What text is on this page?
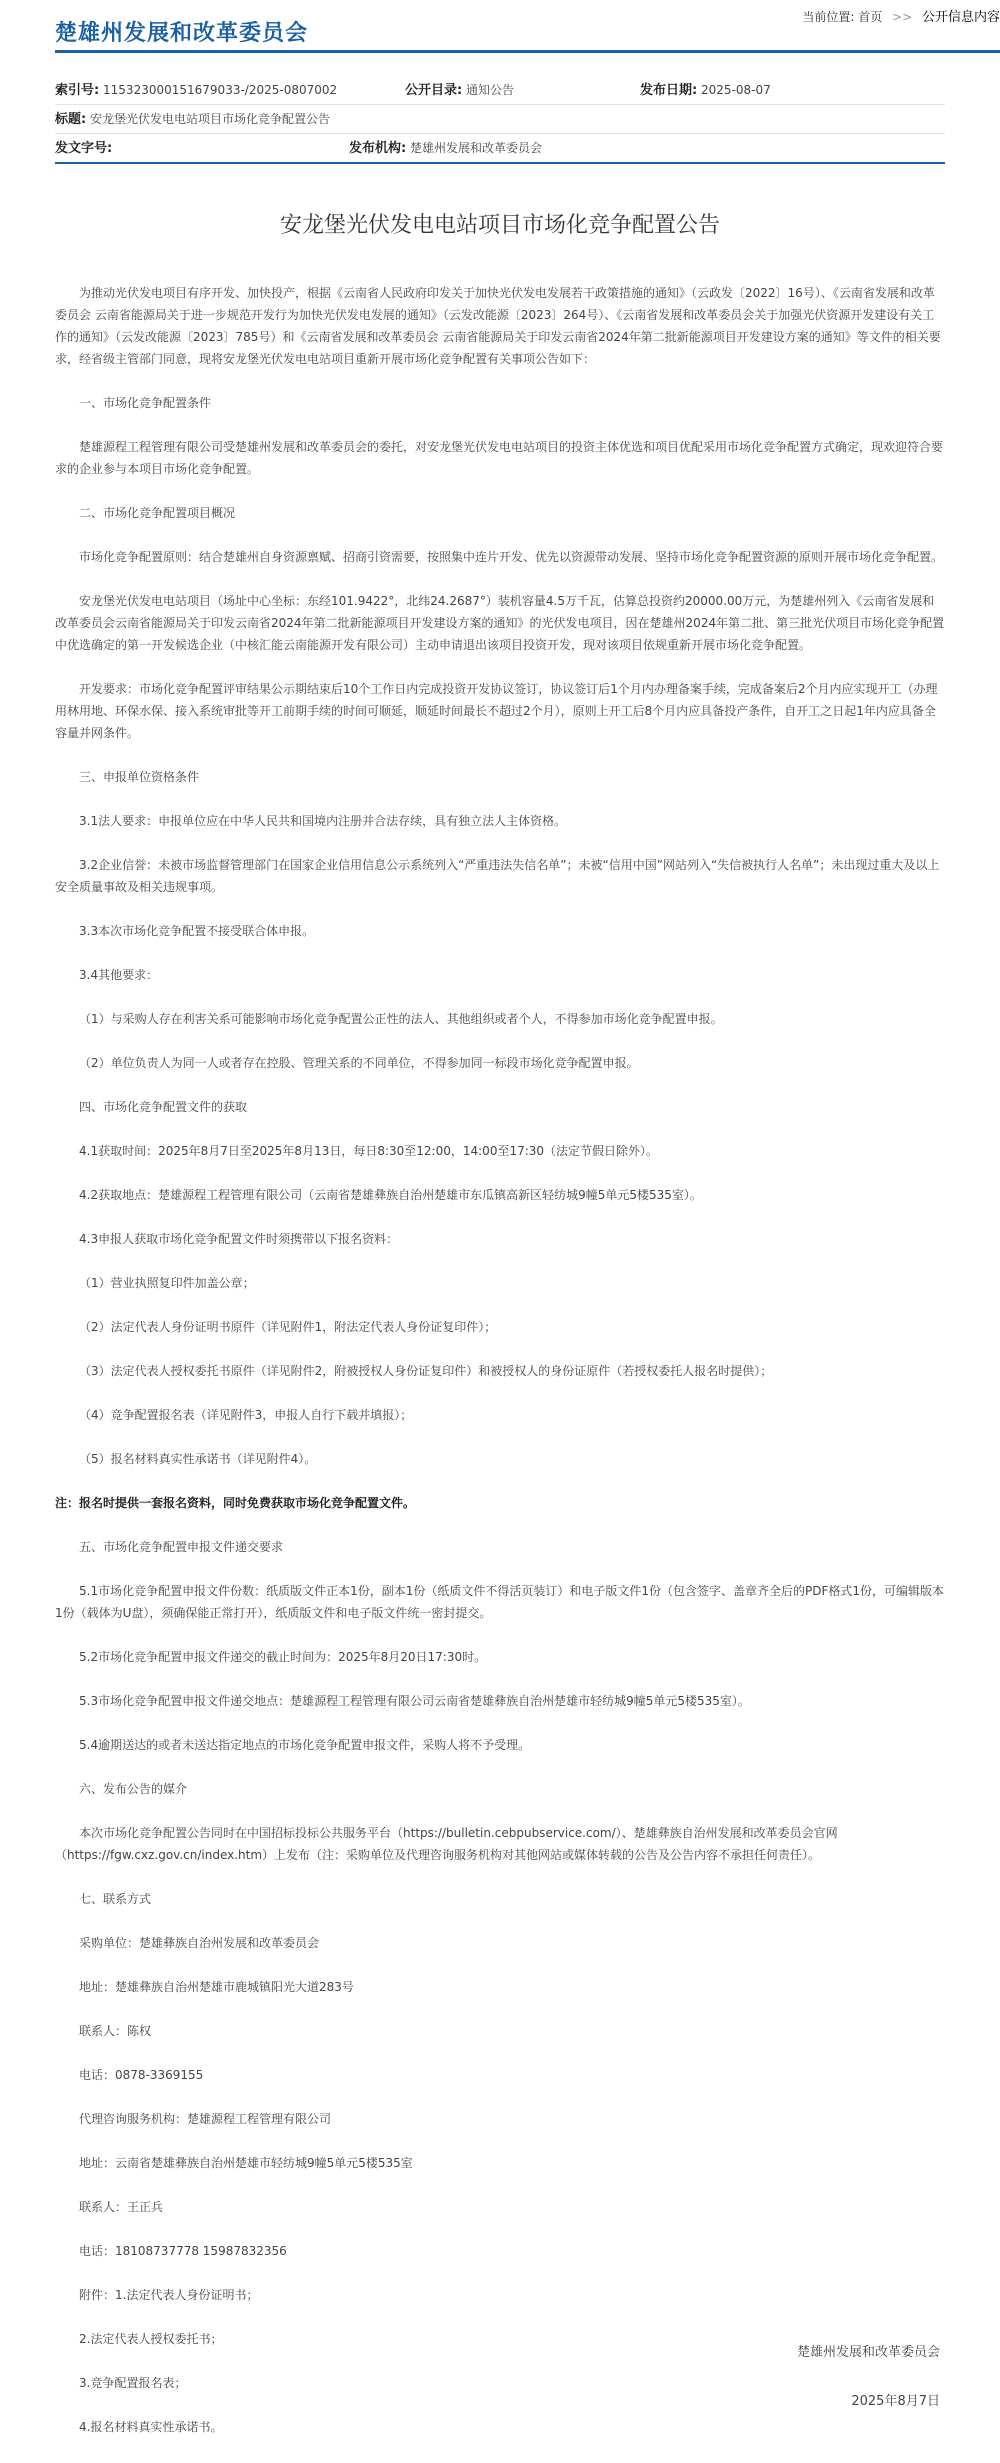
楚雄州发展和改革委员会
当前位置: 首页 >> 公开信息内容
索引号: 115323000151679033-/2025-0807002	公开目录: 通知公告	发布日期: 2025-08-07
标题: 安龙堡光伏发电电站项目市场化竞争配置公告
发文字号:	发布机构: 楚雄州发展和改革委员会
安龙堡光伏发电电站项目市场化竞争配置公告

为推动光伏发电项目有序开发、加快投产，根据《云南省人民政府印发关于加快光伏发电发展若干政策措施的通知》（云政发〔2022〕16号）、《云南省发展和改革委员会 云南省能源局关于进一步规范开发行为加快光伏发电发展的通知》（云发改能源〔2023〕264号）、《云南省发展和改革委员会关于加强光伏资源开发建设有关工作的通知》（云发改能源〔2023〕785号）和《云南省发展和改革委员会 云南省能源局关于印发云南省2024年第二批新能源项目开发建设方案的通知》等文件的相关要求，经省级主管部门同意，现将安龙堡光伏发电电站项目重新开展市场化竞争配置有关事项公告如下：

一、市场化竞争配置条件

楚雄源程工程管理有限公司受楚雄州发展和改革委员会的委托，对安龙堡光伏发电电站项目的投资主体优选和项目优配采用市场化竞争配置方式确定，现欢迎符合要求的企业参与本项目市场化竞争配置。

二、市场化竞争配置项目概况

市场化竞争配置原则：结合楚雄州自身资源禀赋、招商引资需要，按照集中连片开发、优先以资源带动发展、坚持市场化竞争配置资源的原则开展市场化竞争配置。

安龙堡光伏发电电站项目（场址中心坐标：东经101.9422°，北纬24.2687°）装机容量4.5万千瓦，估算总投资约20000.00万元，为楚雄州列入《云南省发展和改革委员会云南省能源局关于印发云南省2024年第二批新能源项目开发建设方案的通知》的光伏发电项目，因在楚雄州2024年第二批、第三批光伏项目市场化竞争配置中优选确定的第一开发候选企业（中核汇能云南能源开发有限公司）主动申请退出该项目投资开发，现对该项目依规重新开展市场化竞争配置。

开发要求：市场化竞争配置评审结果公示期结束后10个工作日内完成投资开发协议签订，协议签订后1个月内办理备案手续，完成备案后2个月内应实现开工（办理用林用地、环保水保、接入系统审批等开工前期手续的时间可顺延，顺延时间最长不超过2个月），原则上开工后8个月内应具备投产条件，自开工之日起1年内应具备全容量并网条件。

三、申报单位资格条件

3.1法人要求：申报单位应在中华人民共和国境内注册并合法存续，具有独立法人主体资格。

3.2企业信誉：未被市场监督管理部门在国家企业信用信息公示系统列入“严重违法失信名单”；未被“信用中国”网站列入“失信被执行人名单”；未出现过重大及以上安全质量事故及相关违规事项。

3.3本次市场化竞争配置不接受联合体申报。

3.4其他要求：

（1）与采购人存在利害关系可能影响市场化竞争配置公正性的法人、其他组织或者个人，不得参加市场化竞争配置申报。

（2）单位负责人为同一人或者存在控股、管理关系的不同单位，不得参加同一标段市场化竞争配置申报。

四、市场化竞争配置文件的获取

4.1获取时间：2025年8月7日至2025年8月13日，每日8:30至12:00，14:00至17:30（法定节假日除外）。

4.2获取地点：楚雄源程工程管理有限公司（云南省楚雄彝族自治州楚雄市东瓜镇高新区轻纺城9幢5单元5楼535室）。

4.3申报人获取市场化竞争配置文件时须携带以下报名资料：

（1）营业执照复印件加盖公章；

（2）法定代表人身份证明书原件（详见附件1，附法定代表人身份证复印件）；

（3）法定代表人授权委托书原件（详见附件2，附被授权人身份证复印件）和被授权人的身份证原件（若授权委托人报名时提供）；

（4）竞争配置报名表（详见附件3，申报人自行下载并填报）；

（5）报名材料真实性承诺书（详见附件4）。

注：报名时提供一套报名资料，同时免费获取市场化竞争配置文件。

五、市场化竞争配置申报文件递交要求

5.1市场化竞争配置申报文件份数：纸质版文件正本1份，副本1份（纸质文件不得活页装订）和电子版文件1份（包含签字、盖章齐全后的PDF格式1份，可编辑版本1份（载体为U盘），须确保能正常打开），纸质版文件和电子版文件统一密封提交。

5.2市场化竞争配置申报文件递交的截止时间为：2025年8月20日17:30时。

5.3市场化竞争配置申报文件递交地点：楚雄源程工程管理有限公司云南省楚雄彝族自治州楚雄市轻纺城9幢5单元5楼535室）。

5.4逾期送达的或者未送达指定地点的市场化竞争配置申报文件，采购人将不予受理。

六、发布公告的媒介

本次市场化竞争配置公告同时在中国招标投标公共服务平台（https://bulletin.cebpubservice.com/）、楚雄彝族自治州发展和改革委员会官网（https://fgw.cxz.gov.cn/index.htm）上发布（注：采购单位及代理咨询服务机构对其他网站或媒体转载的公告及公告内容不承担任何责任）。

七、联系方式

采购单位：楚雄彝族自治州发展和改革委员会

地址：楚雄彝族自治州楚雄市鹿城镇阳光大道283号

联系人：陈权

电话：0878-3369155

代理咨询服务机构：楚雄源程工程管理有限公司

地址：云南省楚雄彝族自治州楚雄市轻纺城9幢5单元5楼535室

联系人：王正兵

电话：18108737778 15987832356

附件：1.法定代表人身份证明书；

2.法定代表人授权委托书；

3.竞争配置报名表；

4.报名材料真实性承诺书。

楚雄州发展和改革委员会
2025年8月7日
